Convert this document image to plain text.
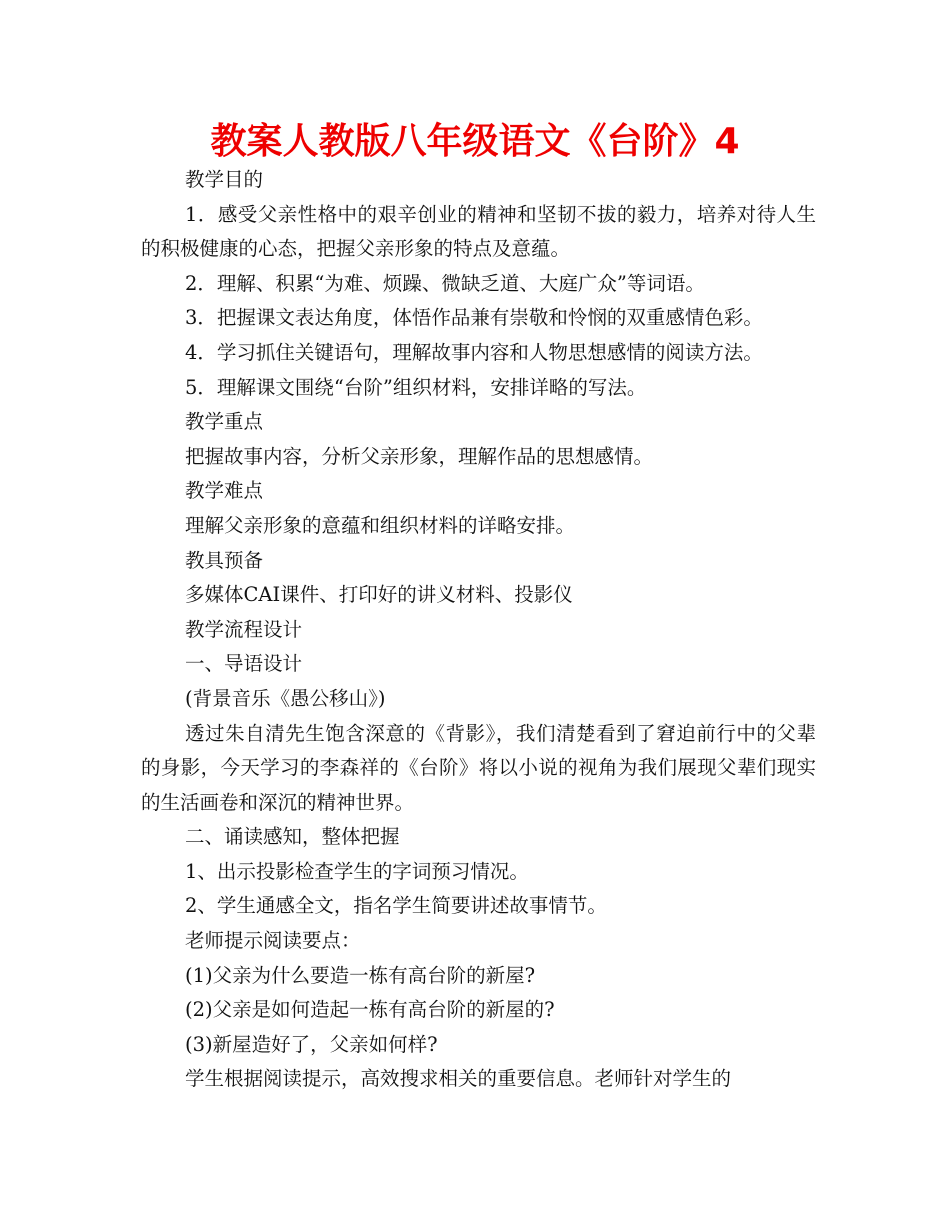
教案人教版八年级语文《台阶》4

教学目的

1．感受父亲性格中的艰辛创业的精神和坚韧不拔的毅力，培养对待人生的积极健康的心态，把握父亲形象的特点及意蕴。

2．理解、积累“为难、烦躁、微缺乏道、大庭广众”等词语。

3．把握课文表达角度，体悟作品兼有崇敬和怜悯的双重感情色彩。

4．学习抓住关键语句，理解故事内容和人物思想感情的阅读方法。

5．理解课文围绕“台阶”组织材料，安排详略的写法。

教学重点

把握故事内容，分析父亲形象，理解作品的思想感情。

教学难点

理解父亲形象的意蕴和组织材料的详略安排。

教具预备

多媒体CAI课件、打印好的讲义材料、投影仪

教学流程设计

一、导语设计

(背景音乐《愚公移山》)

透过朱自清先生饱含深意的《背影》，我们清楚看到了窘迫前行中的父辈的身影，今天学习的李森祥的《台阶》将以小说的视角为我们展现父辈们现实的生活画卷和深沉的精神世界。

二、诵读感知，整体把握

1、出示投影检查学生的字词预习情况。

2、学生通感全文，指名学生简要讲述故事情节。

老师提示阅读要点：

(1)父亲为什么要造一栋有高台阶的新屋?

(2)父亲是如何造起一栋有高台阶的新屋的?

(3)新屋造好了，父亲如何样?

学生根据阅读提示，高效搜求相关的重要信息。老师针对学生的
